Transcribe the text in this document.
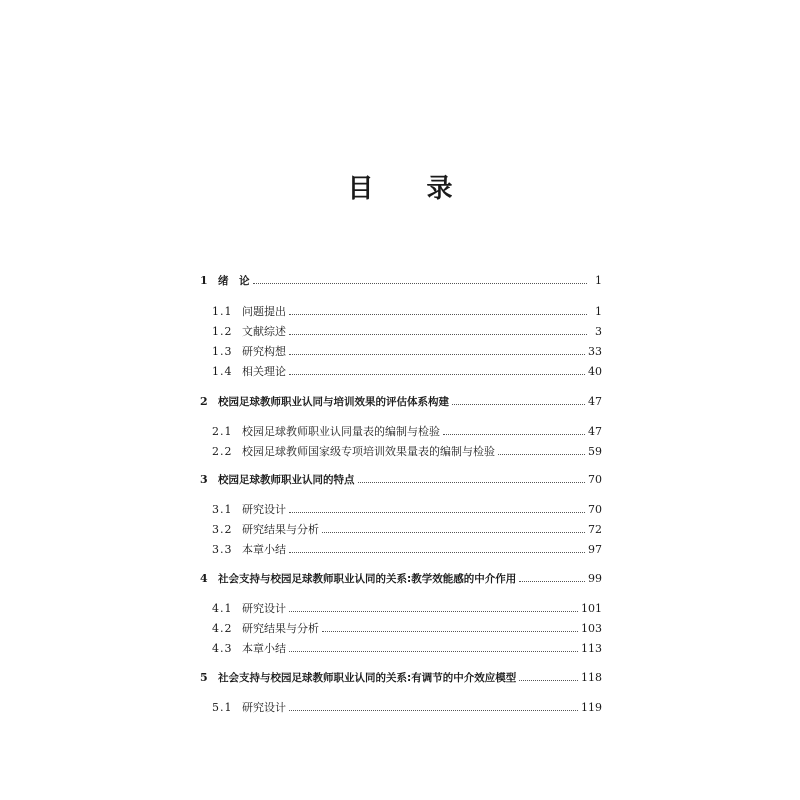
目 录
1 绪　论	1
1.1 问题提出	1
1.2 文献综述	3
1.3 研究构想	33
1.4 相关理论	40
2 校园足球教师职业认同与培训效果的评估体系构建	47
2.1 校园足球教师职业认同量表的编制与检验	47
2.2 校园足球教师国家级专项培训效果量表的编制与检验	59
3 校园足球教师职业认同的特点	70
3.1 研究设计	70
3.2 研究结果与分析	72
3.3 本章小结	97
4 社会支持与校园足球教师职业认同的关系:教学效能感的中介作用	99
4.1 研究设计	101
4.2 研究结果与分析	103
4.3 本章小结	113
5 社会支持与校园足球教师职业认同的关系:有调节的中介效应模型	118
5.1 研究设计	119
